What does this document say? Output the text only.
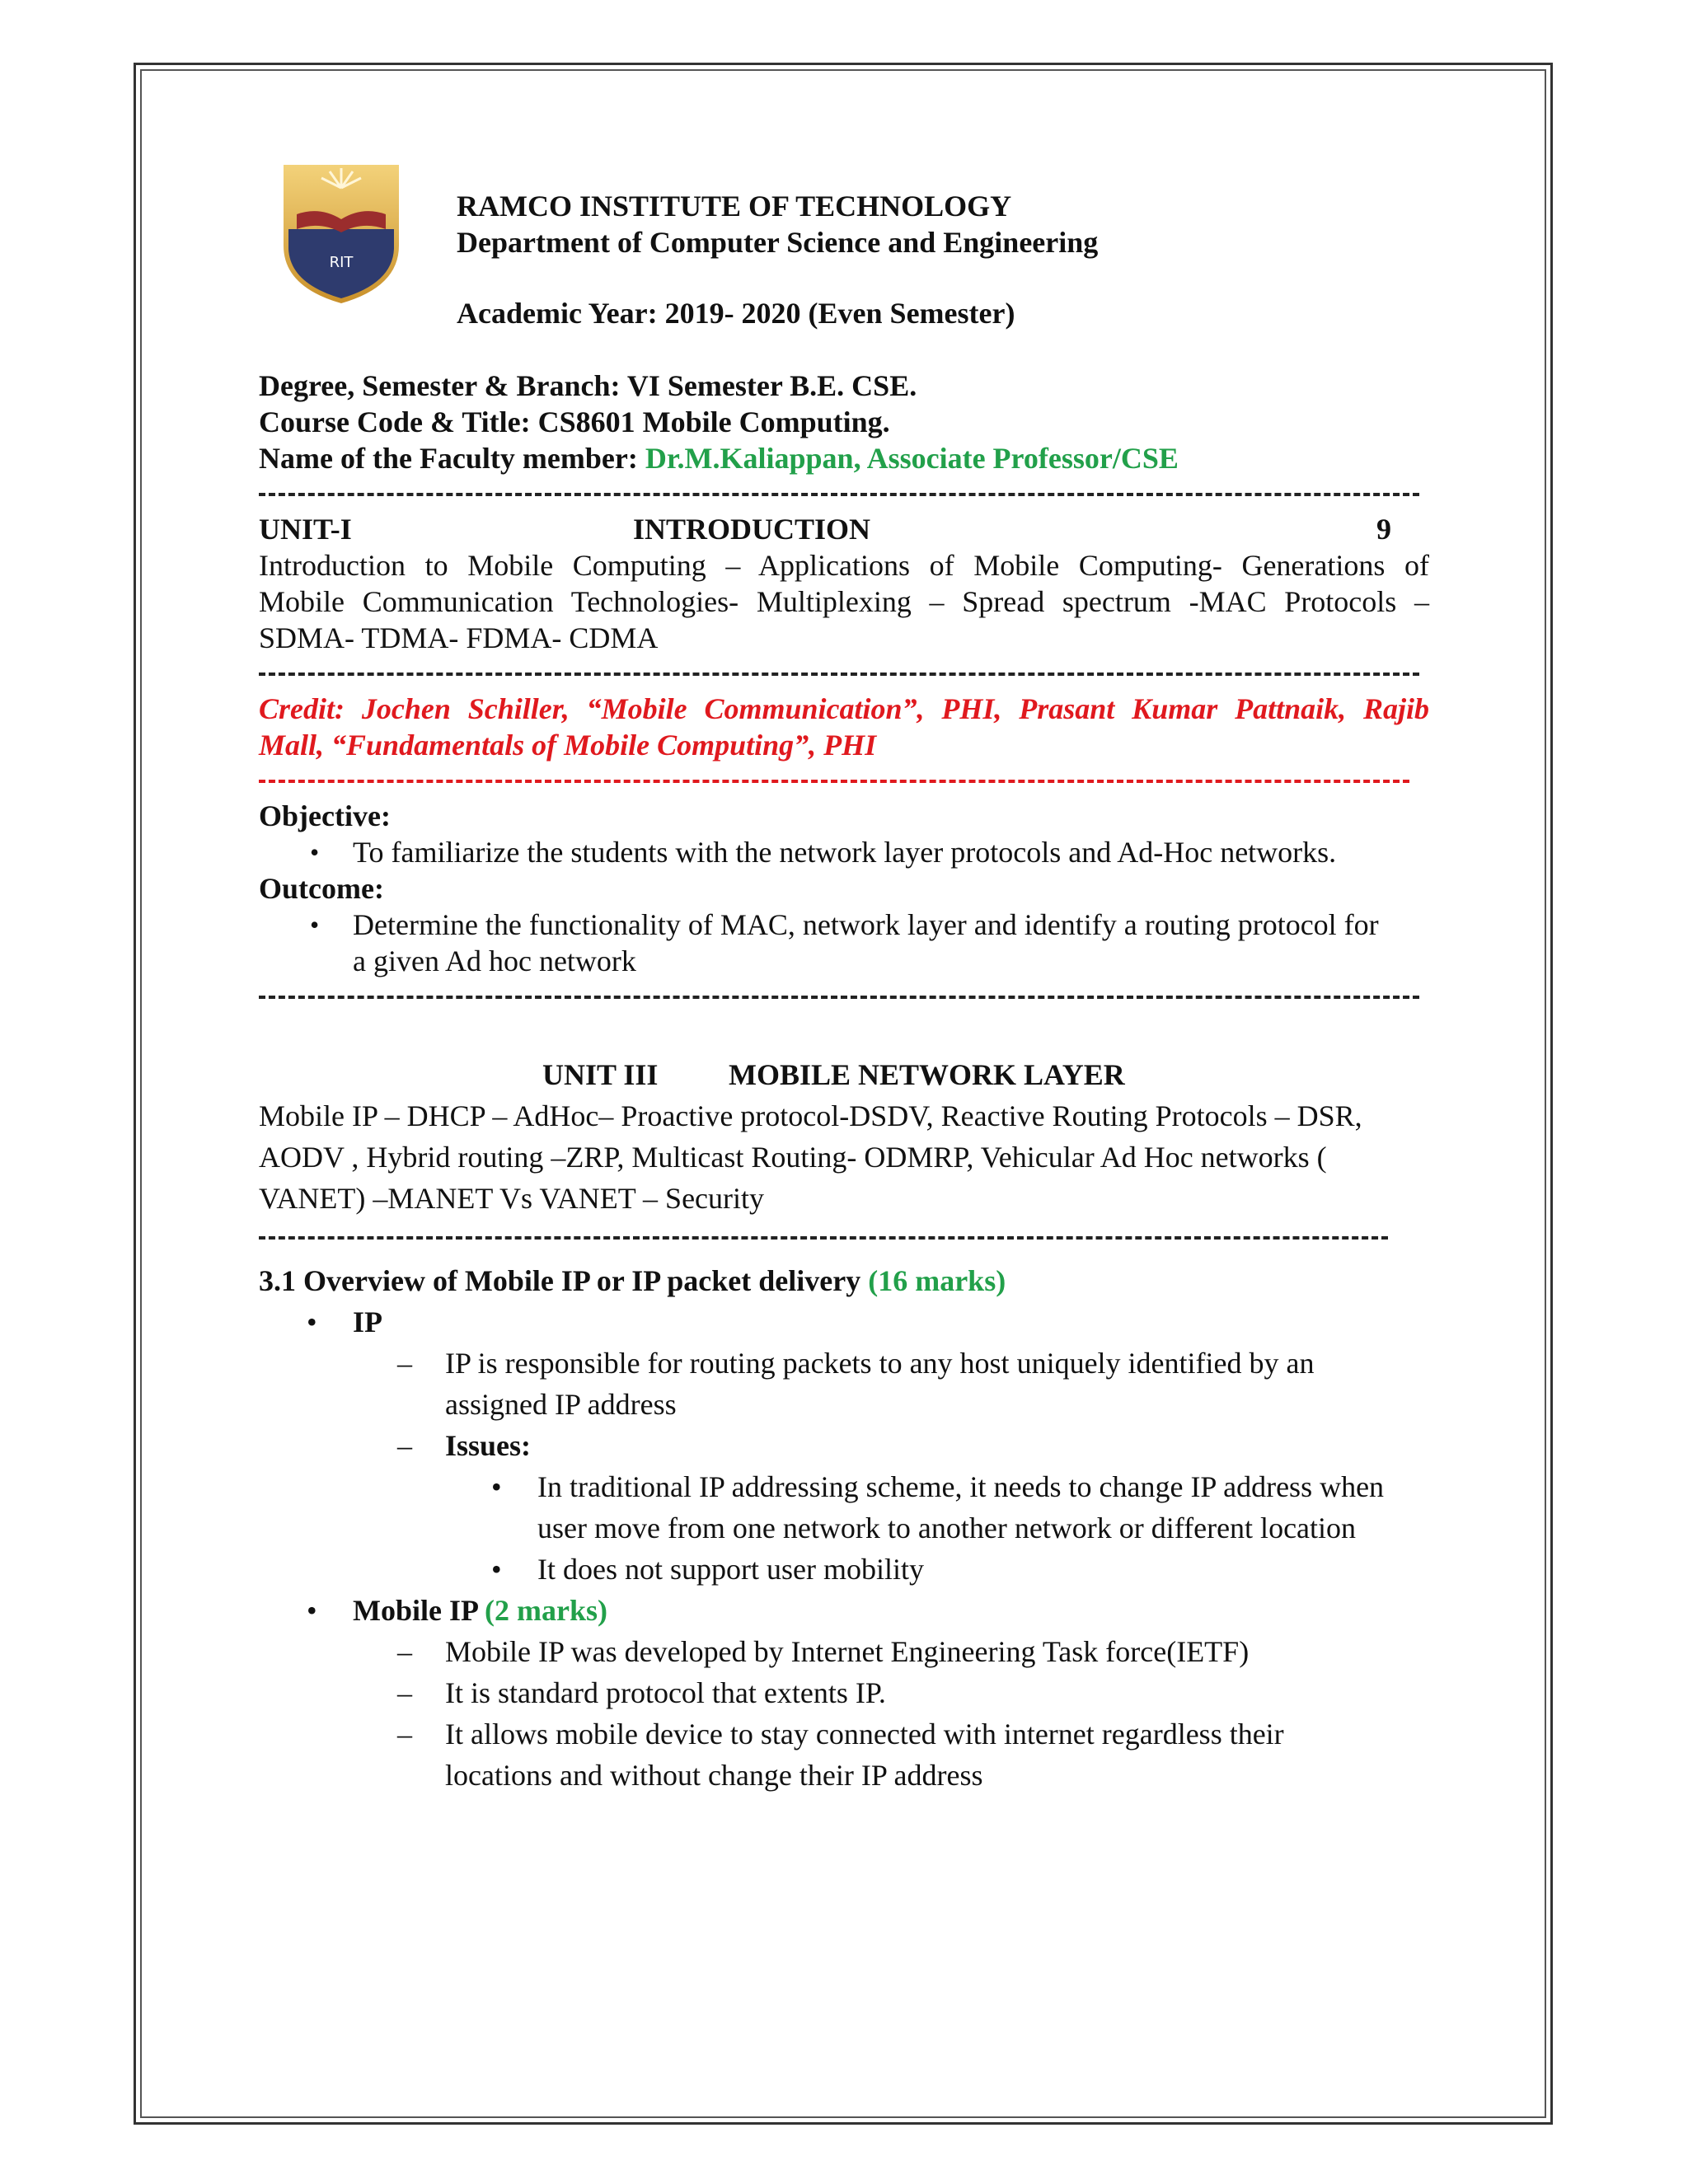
RIT
RAMCO INSTITUTE OF TECHNOLOGY
Department of Computer Science and Engineering
Academic Year: 2019- 2020 (Even Semester)
Degree, Semester & Branch: VI Semester B.E. CSE.
Course Code & Title: CS8601 Mobile Computing.
Name of the Faculty member: Dr.M.Kaliappan, Associate Professor/CSE
UNIT-I	INTRODUCTION	9
Introduction to Mobile Computing – Applications of Mobile Computing- Generations of
Mobile Communication Technologies- Multiplexing – Spread spectrum -MAC Protocols –
SDMA- TDMA- FDMA- CDMA
Credit: Jochen Schiller, “Mobile Communication”, PHI, Prasant Kumar Pattnaik, Rajib
Mall, “Fundamentals of Mobile Computing”, PHI
Objective:
• To familiarize the students with the network layer protocols and Ad-Hoc networks.
Outcome:
• Determine the functionality of MAC, network layer and identify a routing protocol for
a given Ad hoc network
UNIT III MOBILE NETWORK LAYER
Mobile IP – DHCP – AdHoc– Proactive protocol-DSDV, Reactive Routing Protocols – DSR,
AODV , Hybrid routing –ZRP, Multicast Routing- ODMRP, Vehicular Ad Hoc networks (
VANET) –MANET Vs VANET – Security
3.1 Overview of Mobile IP or IP packet delivery (16 marks)
• IP
– IP is responsible for routing packets to any host uniquely identified by an
assigned IP address
– Issues:
• In traditional IP addressing scheme, it needs to change IP address when
user move from one network to another network or different location
• It does not support user mobility
• Mobile IP (2 marks)
– Mobile IP was developed by Internet Engineering Task force(IETF)
– It is standard protocol that extents IP.
– It allows mobile device to stay connected with internet regardless their
locations and without change their IP address
